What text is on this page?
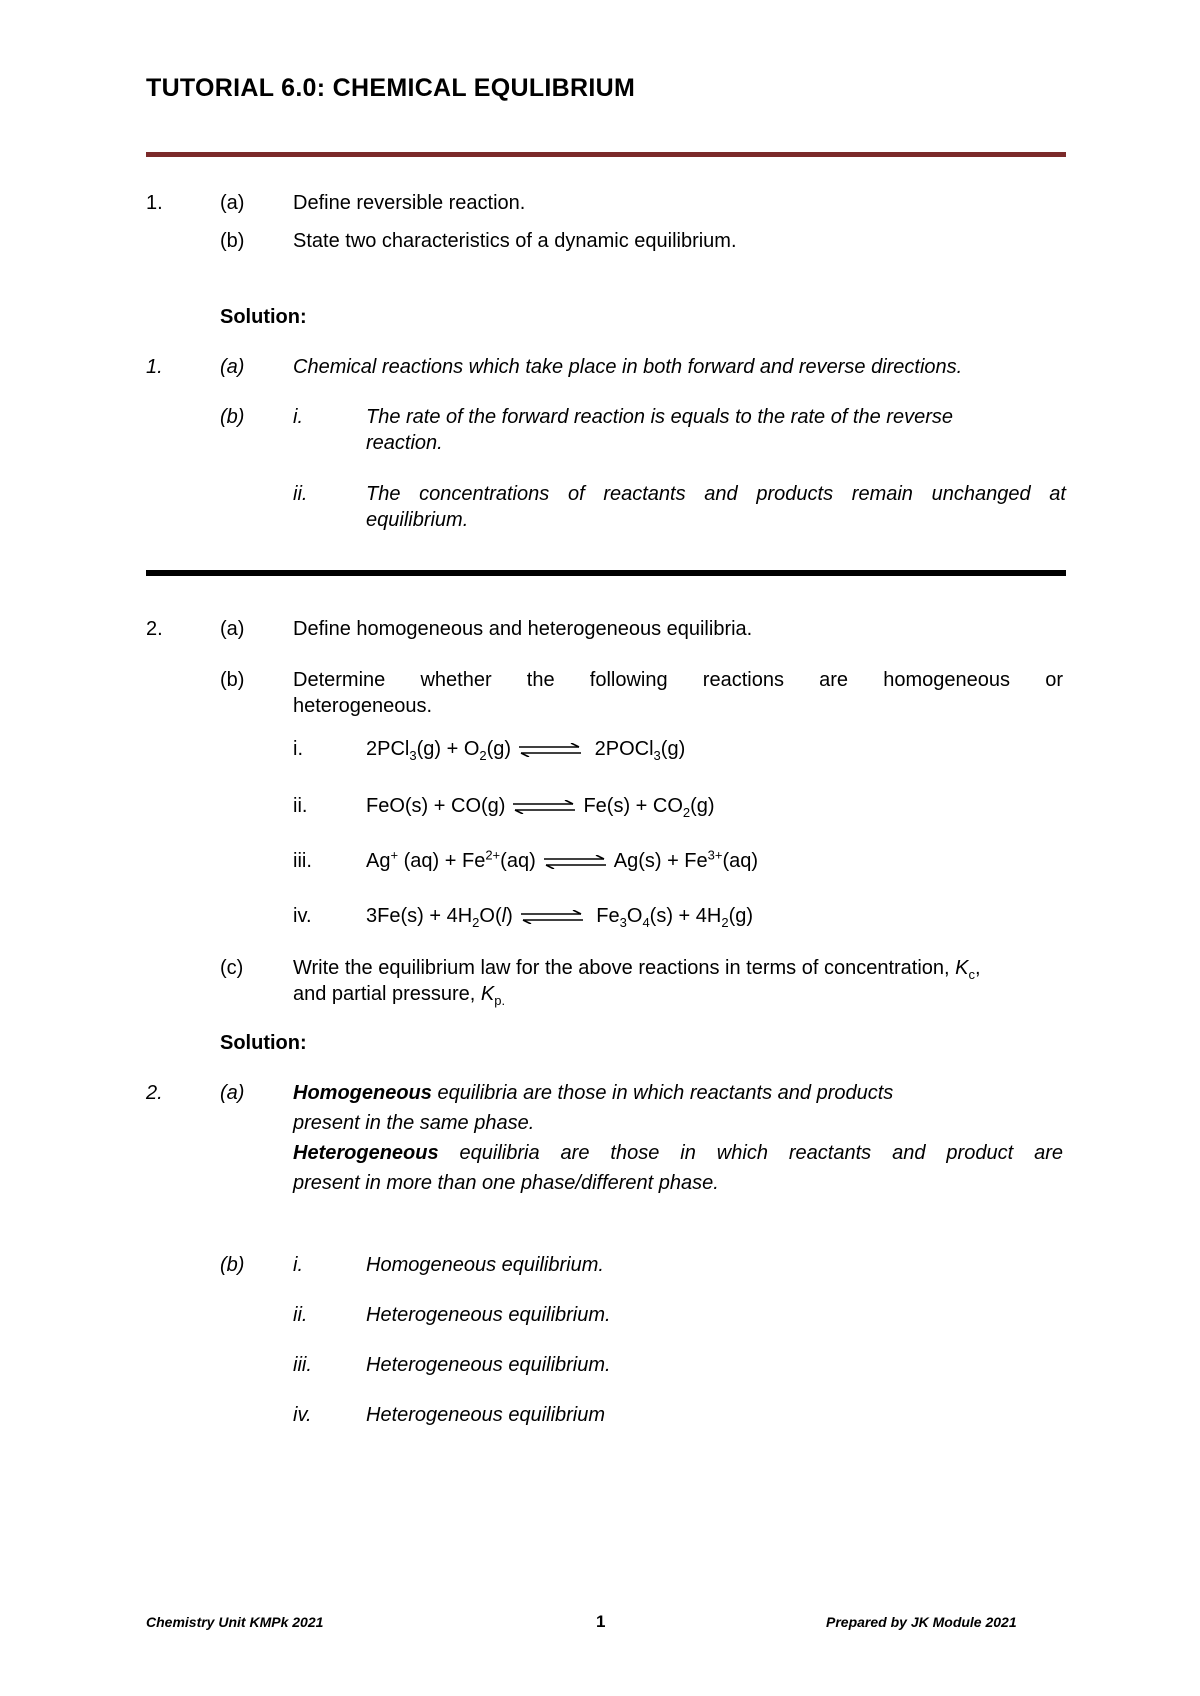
TUTORIAL 6.0: CHEMICAL EQULIBRIUM
1.	(a) Define reversible reaction.
(b) State two characteristics of a dynamic equilibrium.
Solution:
1.	(a) Chemical reactions which take place in both forward and reverse directions.
(b) i.	The rate of the forward reaction is equals to the rate of the reverse
reaction.
ii.	The concentrations of reactants and products remain unchanged at
equilibrium.
2.	(a) Define homogeneous and heterogeneous equilibria.
(b) Determine whether the following reactions are homogeneous or
heterogeneous.
i.	$2PCl_3(g) + O_2(g)$ ⇌ 2POCl$_3$(g)
ii.	FeO(s) + CO(g) ⇌ $Fe(s) + CO_2(g)$
iii.	Ag+ $(aq) + Fe^{2+}(aq)$ ⇌ $Ag(s) + Fe^{3+}(aq)$
iv.	$3Fe(s) + 4H_2O(l)$ ⇌ $Fe_3O_4(s) + 4H_2(g)$
(c) Write the equilibrium law for the above reactions in terms of concentration, $K_c$,
and partial pressure, $K_{p.}$
Solution:
2.	(a) Homogeneous equilibria are those in which reactants and products
present in the same phase.
Heterogeneous equilibria are those in which reactants and product are
present in more than one phase/different phase.
(b) i.	Homogeneous equilibrium.
ii.	Heterogeneous equilibrium.
iii.	Heterogeneous equilibrium.
iv.	Heterogeneous equilibrium
Chemistry Unit KMPk 2021	1	Prepared by JK Module 2021
